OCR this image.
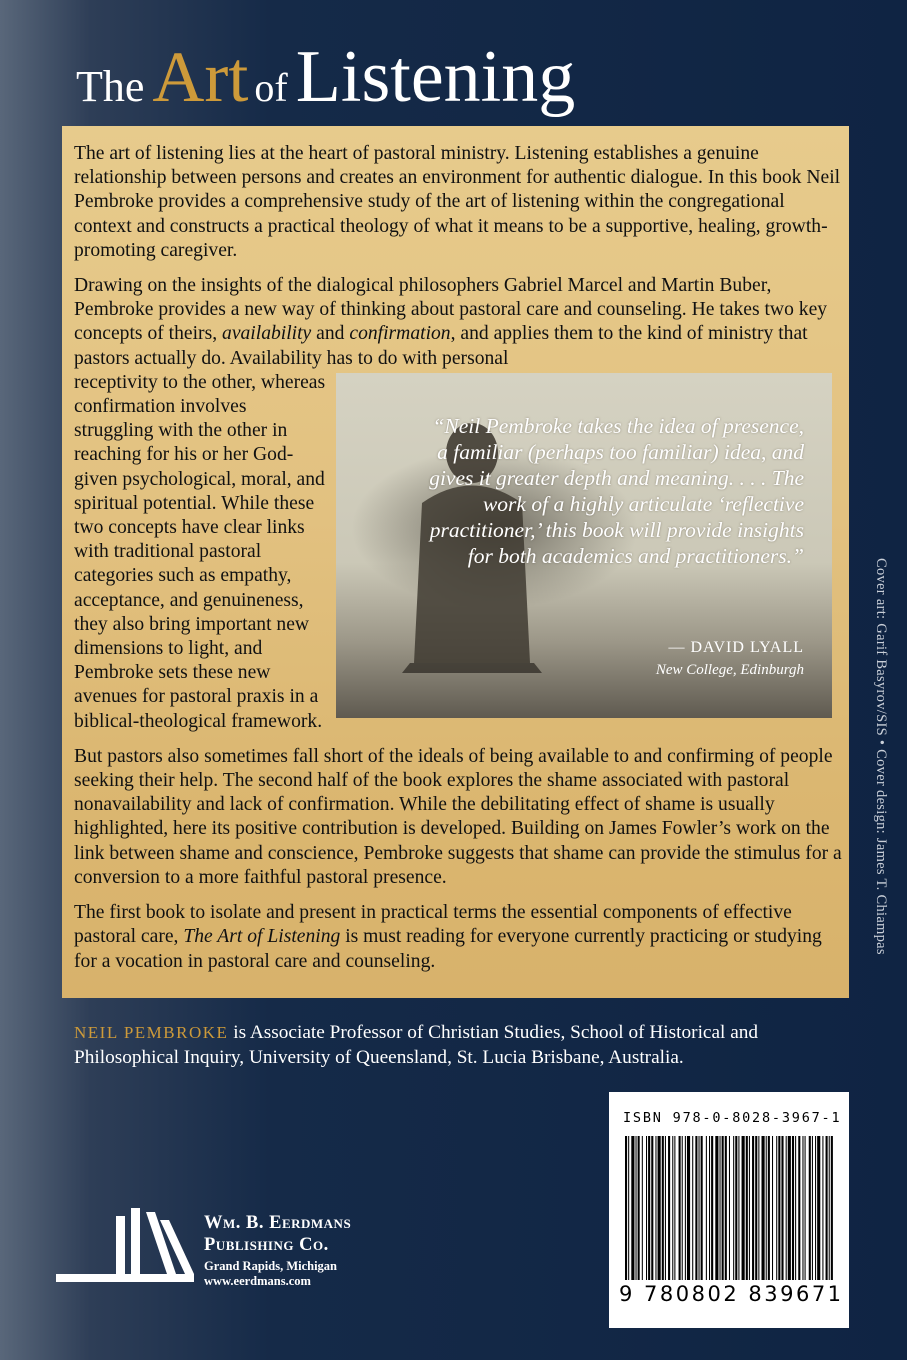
The Art of Listening
“Neil Pembroke takes the idea of presence, a familiar (perhaps too familiar) idea, and gives it greater depth and meaning. . . . The work of a highly articulate ‘reflective practitioner,’ this book will provide insights for both academics and practitioners.”
— DAVID LYALL
New College, Edinburgh

The art of listening lies at the heart of pastoral ministry. Listening establishes a genuine relationship between persons and creates an environment for authentic dialogue. In this book Neil Pembroke provides a comprehensive study of the art of listening within the congregational context and constructs a practical theology of what it means to be a supportive, healing, growth-promoting caregiver.

Drawing on the insights of the dialogical philosophers Gabriel Marcel and Martin Buber, Pembroke provides a new way of thinking about pastoral care and counseling. He takes two key concepts of theirs, availability and confirmation, and applies them to the kind of ministry that pastors actually do. Availability has to do with personal

receptivity to the other, whereas confirmation involves struggling with the other in reaching for his or her God-given psychological, moral, and spiritual potential. While these two concepts have clear links with traditional pastoral categories such as empathy, acceptance, and genuineness, they also bring important new dimensions to light, and Pembroke sets these new avenues for pastoral praxis in a biblical-theological framework.

But pastors also sometimes fall short of the ideals of being available to and confirming of people seeking their help. The second half of the book explores the shame associated with pastoral nonavailability and lack of confirmation. While the debilitating effect of shame is usually highlighted, here its positive contribution is developed. Building on James Fowler’s work on the link between shame and conscience, Pembroke suggests that shame can provide the stimulus for a conversion to a more faithful pastoral presence.

The first book to isolate and present in practical terms the essential components of effective pastoral care, The Art of Listening is must reading for everyone currently practicing or studying for a vocation in pastoral care and counseling.

NEIL PEMBROKE is Associate Professor of Christian Studies, School of Historical and Philosophical Inquiry, University of Queensland, St. Lucia Brisbane, Australia.
Cover art: Garif Basyrov/SIS • Cover design: James T. Chiampas
ISBN 978-0-8028-3967-1
9 780802 839671
Wm. B. Eerdmans
Publishing Co.
Grand Rapids, Michigan
www.eerdmans.com
